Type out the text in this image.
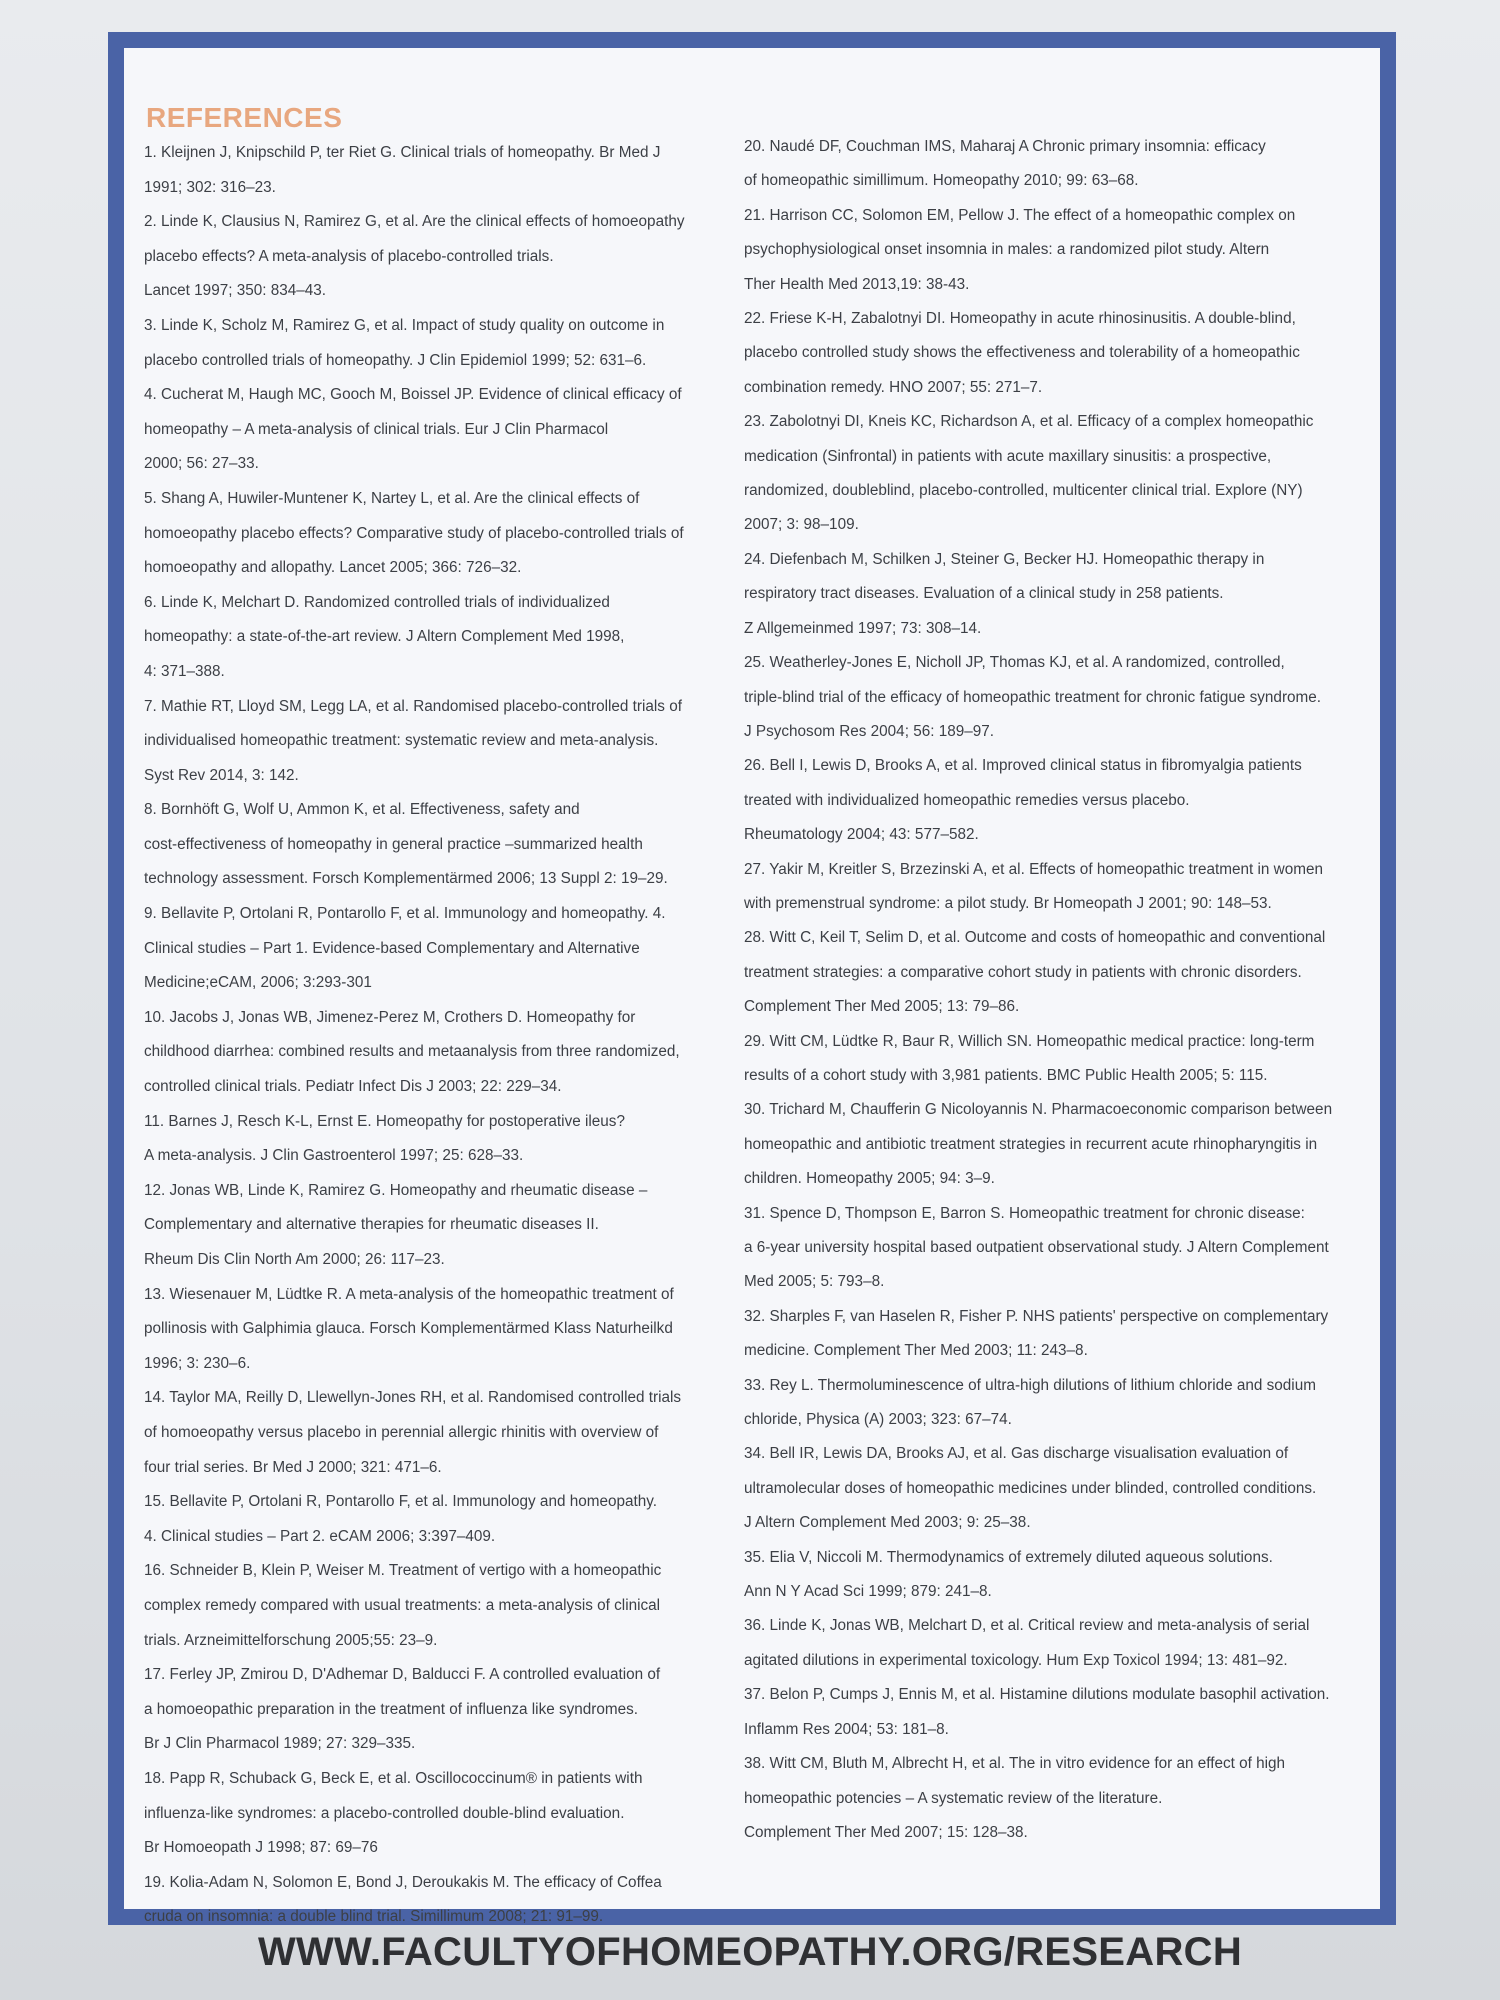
REFERENCES
1. Kleijnen J, Knipschild P, ter Riet G. Clinical trials of homeopathy. Br Med J
1991; 302: 316–23.
2. Linde K, Clausius N, Ramirez G, et al. Are the clinical effects of homoeopathy
placebo effects? A meta-analysis of placebo-controlled trials.
Lancet 1997; 350: 834–43.
3. Linde K, Scholz M, Ramirez G, et al. Impact of study quality on outcome in
placebo controlled trials of homeopathy. J Clin Epidemiol 1999; 52: 631–6.
4. Cucherat M, Haugh MC, Gooch M, Boissel JP. Evidence of clinical efficacy of
homeopathy – A meta-analysis of clinical trials. Eur J Clin Pharmacol
2000; 56: 27–33.
5. Shang A, Huwiler-Muntener K, Nartey L, et al. Are the clinical effects of
homoeopathy placebo effects? Comparative study of placebo-controlled trials of
homoeopathy and allopathy. Lancet 2005; 366: 726–32.
6. Linde K, Melchart D. Randomized controlled trials of individualized
homeopathy: a state-of-the-art review. J Altern Complement Med 1998,
4: 371–388.
7. Mathie RT, Lloyd SM, Legg LA, et al. Randomised placebo-controlled trials of
individualised homeopathic treatment: systematic review and meta-analysis.
Syst Rev 2014, 3: 142.
8. Bornhöft G, Wolf U, Ammon K, et al. Effectiveness, safety and
cost-effectiveness of homeopathy in general practice –summarized health
technology assessment. Forsch Komplementärmed 2006; 13 Suppl 2: 19–29.
9. Bellavite P, Ortolani R, Pontarollo F, et al. Immunology and homeopathy. 4.
Clinical studies – Part 1. Evidence-based Complementary and Alternative
Medicine;eCAM, 2006; 3:293-301
10. Jacobs J, Jonas WB, Jimenez-Perez M, Crothers D. Homeopathy for
childhood diarrhea: combined results and metaanalysis from three randomized,
controlled clinical trials. Pediatr Infect Dis J 2003; 22: 229–34.
11. Barnes J, Resch K-L, Ernst E. Homeopathy for postoperative ileus?
A meta-analysis. J Clin Gastroenterol 1997; 25: 628–33.
12. Jonas WB, Linde K, Ramirez G. Homeopathy and rheumatic disease –
Complementary and alternative therapies for rheumatic diseases II.
Rheum Dis Clin North Am 2000; 26: 117–23.
13. Wiesenauer M, Lüdtke R. A meta-analysis of the homeopathic treatment of
pollinosis with Galphimia glauca. Forsch Komplementärmed Klass Naturheilkd
1996; 3: 230–6.
14. Taylor MA, Reilly D, Llewellyn-Jones RH, et al. Randomised controlled trials
of homoeopathy versus placebo in perennial allergic rhinitis with overview of
four trial series. Br Med J 2000; 321: 471–6.
15. Bellavite P, Ortolani R, Pontarollo F, et al. Immunology and homeopathy.
4. Clinical studies – Part 2. eCAM 2006; 3:397–409.
16. Schneider B, Klein P, Weiser M. Treatment of vertigo with a homeopathic
complex remedy compared with usual treatments: a meta-analysis of clinical
trials. Arzneimittelforschung 2005;55: 23–9.
17. Ferley JP, Zmirou D, D'Adhemar D, Balducci F. A controlled evaluation of
a homoeopathic preparation in the treatment of influenza like syndromes.
Br J Clin Pharmacol 1989; 27: 329–335.
18. Papp R, Schuback G, Beck E, et al. Oscillococcinum® in patients with
influenza-like syndromes: a placebo-controlled double-blind evaluation.
Br Homoeopath J 1998; 87: 69–76
19. Kolia-Adam N, Solomon E, Bond J, Deroukakis M. The efficacy of Coffea
cruda on insomnia: a double blind trial. Simillimum 2008; 21: 91–99.
20. Naudé DF, Couchman IMS, Maharaj A Chronic primary insomnia: efficacy
of homeopathic simillimum. Homeopathy 2010; 99: 63–68.
21. Harrison CC, Solomon EM, Pellow J. The effect of a homeopathic complex on
psychophysiological onset insomnia in males: a randomized pilot study. Altern
Ther Health Med 2013,19: 38-43.
22. Friese K-H, Zabalotnyi DI. Homeopathy in acute rhinosinusitis. A double-blind,
placebo controlled study shows the effectiveness and tolerability of a homeopathic
combination remedy. HNO 2007; 55: 271–7.
23. Zabolotnyi DI, Kneis KC, Richardson A, et al. Efficacy of a complex homeopathic
medication (Sinfrontal) in patients with acute maxillary sinusitis: a prospective,
randomized, doubleblind, placebo-controlled, multicenter clinical trial. Explore (NY)
2007; 3: 98–109.
24. Diefenbach M, Schilken J, Steiner G, Becker HJ. Homeopathic therapy in
respiratory tract diseases. Evaluation of a clinical study in 258 patients.
Z Allgemeinmed 1997; 73: 308–14.
25. Weatherley-Jones E, Nicholl JP, Thomas KJ, et al. A randomized, controlled,
triple-blind trial of the efficacy of homeopathic treatment for chronic fatigue syndrome.
J Psychosom Res 2004; 56: 189–97.
26. Bell I, Lewis D, Brooks A, et al. Improved clinical status in fibromyalgia patients
treated with individualized homeopathic remedies versus placebo.
Rheumatology 2004; 43: 577–582.
27. Yakir M, Kreitler S, Brzezinski A, et al. Effects of homeopathic treatment in women
with premenstrual syndrome: a pilot study. Br Homeopath J 2001; 90: 148–53.
28. Witt C, Keil T, Selim D, et al. Outcome and costs of homeopathic and conventional
treatment strategies: a comparative cohort study in patients with chronic disorders.
Complement Ther Med 2005; 13: 79–86.
29. Witt CM, Lüdtke R, Baur R, Willich SN. Homeopathic medical practice: long-term
results of a cohort study with 3,981 patients. BMC Public Health 2005; 5: 115.
30. Trichard M, Chaufferin G Nicoloyannis N. Pharmacoeconomic comparison between
homeopathic and antibiotic treatment strategies in recurrent acute rhinopharyngitis in
children. Homeopathy 2005; 94: 3–9.
31. Spence D, Thompson E, Barron S. Homeopathic treatment for chronic disease:
a 6-year university hospital based outpatient observational study. J Altern Complement
Med 2005; 5: 793–8.
32. Sharples F, van Haselen R, Fisher P. NHS patients' perspective on complementary
medicine. Complement Ther Med 2003; 11: 243–8.
33. Rey L. Thermoluminescence of ultra-high dilutions of lithium chloride and sodium
chloride, Physica (A) 2003; 323: 67–74.
34. Bell IR, Lewis DA, Brooks AJ, et al. Gas discharge visualisation evaluation of
ultramolecular doses of homeopathic medicines under blinded, controlled conditions.
J Altern Complement Med 2003; 9: 25–38.
35. Elia V, Niccoli M. Thermodynamics of extremely diluted aqueous solutions.
Ann N Y Acad Sci 1999; 879: 241–8.
36. Linde K, Jonas WB, Melchart D, et al. Critical review and meta-analysis of serial
agitated dilutions in experimental toxicology. Hum Exp Toxicol 1994; 13: 481–92.
37. Belon P, Cumps J, Ennis M, et al. Histamine dilutions modulate basophil activation.
Inflamm Res 2004; 53: 181–8.
38. Witt CM, Bluth M, Albrecht H, et al. The in vitro evidence for an effect of high
homeopathic potencies – A systematic review of the literature.
Complement Ther Med 2007; 15: 128–38.
WWW.FACULTYOFHOMEOPATHY.ORG/RESEARCH
